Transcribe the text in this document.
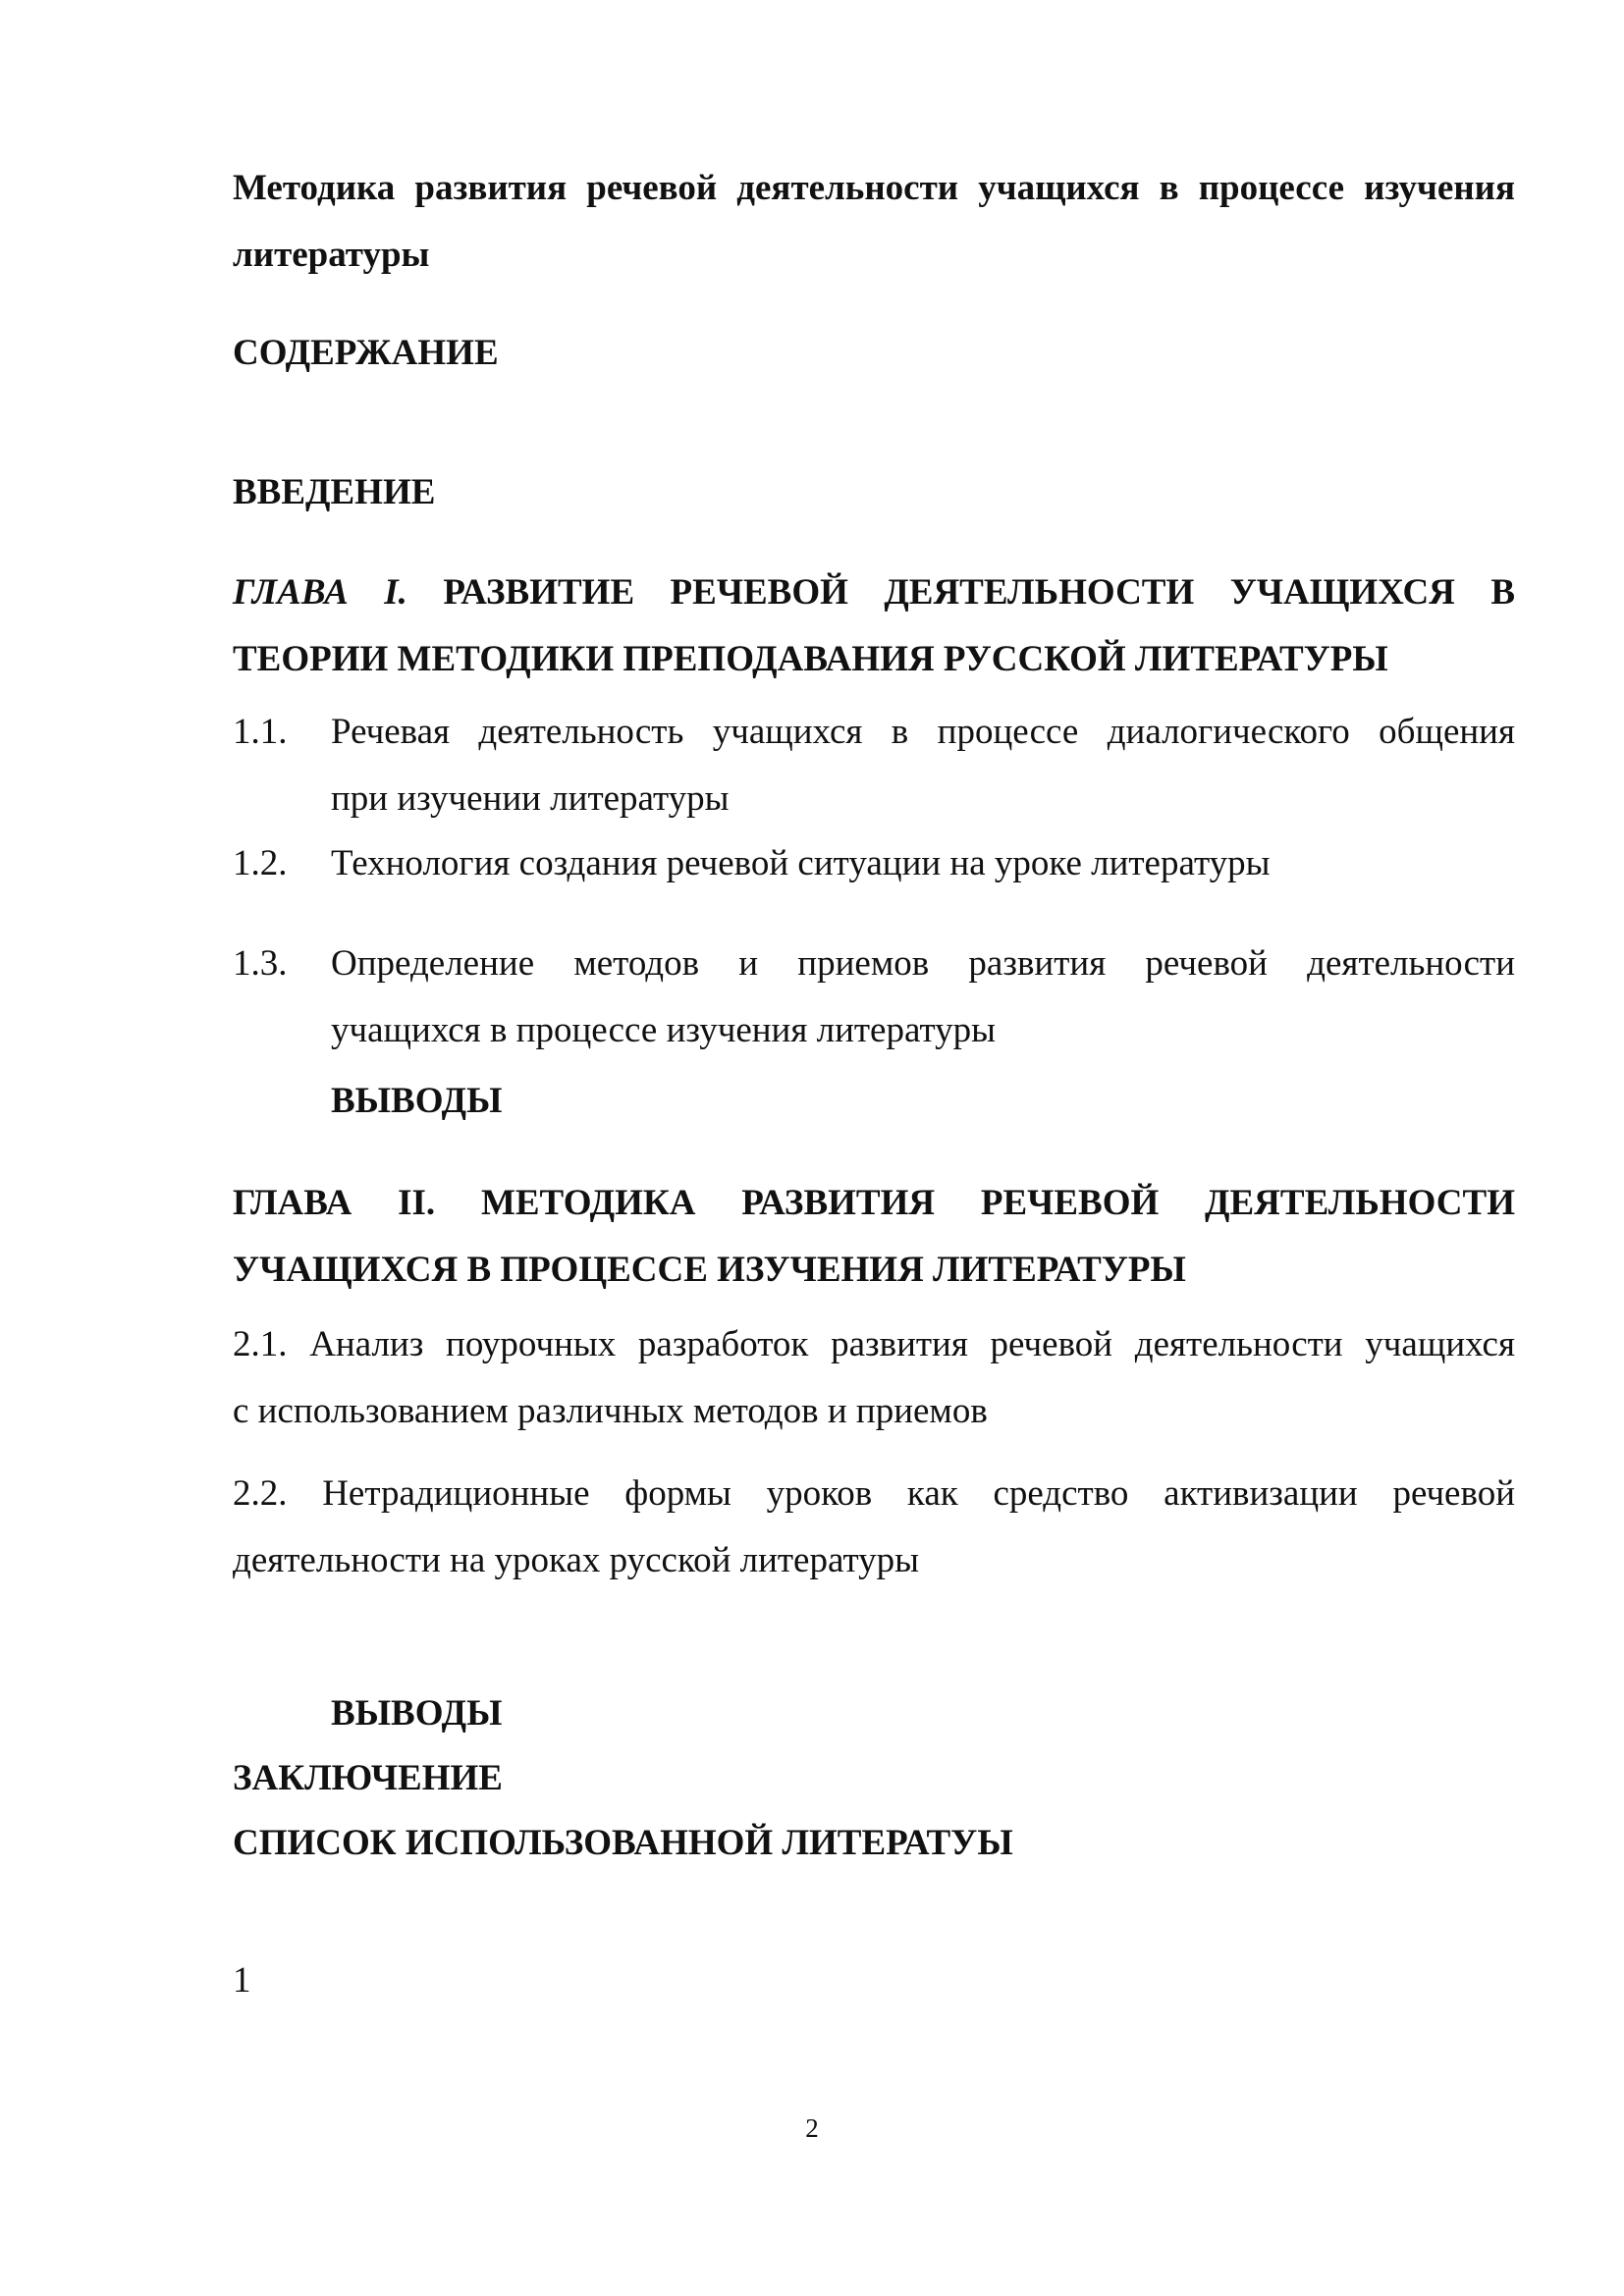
Методика развития речевой деятельности учащихся в процессе изучения
литературы
СОДЕРЖАНИЕ
ВВЕДЕНИЕ
ГЛАВА I. РАЗВИТИЕ РЕЧЕВОЙ ДЕЯТЕЛЬНОСТИ УЧАЩИХСЯ В
ТЕОРИИ МЕТОДИКИ ПРЕПОДАВАНИЯ РУССКОЙ ЛИТЕРАТУРЫ
1.1. Речевая деятельность учащихся в процессе диалогического общения
при изучении литературы
1.2. Технология создания речевой ситуации на уроке литературы
1.3. Определение методов и приемов развития речевой деятельности
учащихся в процессе изучения литературы
ВЫВОДЫ
ГЛАВА II. МЕТОДИКА РАЗВИТИЯ РЕЧЕВОЙ ДЕЯТЕЛЬНОСТИ
УЧАЩИХСЯ В ПРОЦЕССЕ ИЗУЧЕНИЯ ЛИТЕРАТУРЫ
2.1. Анализ поурочных разработок развития речевой деятельности учащихся
с использованием различных методов и приемов
2.2. Нетрадиционные формы уроков как средство активизации речевой
деятельности на уроках русской литературы
ВЫВОДЫ
ЗАКЛЮЧЕНИЕ
СПИСОК ИСПОЛЬЗОВАННОЙ ЛИТЕРАТУЫ
1
2
